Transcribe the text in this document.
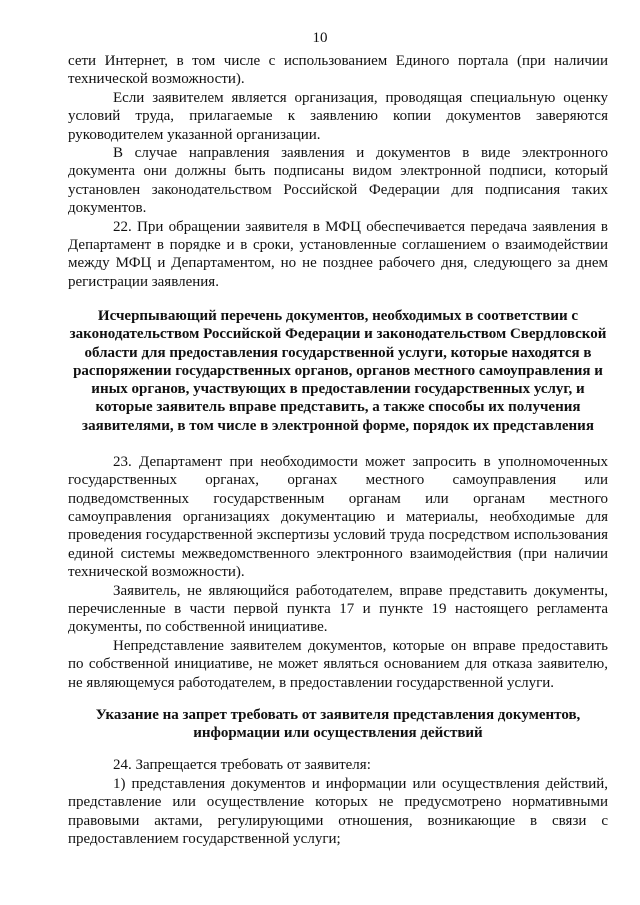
10

сети Интернет, в том числе с использованием Единого портала (при наличии технической возможности).

Если заявителем является организация, проводящая специальную оценку условий труда, прилагаемые к заявлению копии документов заверяются руководителем указанной организации.

В случае направления заявления и документов в виде электронного документа они должны быть подписаны видом электронной подписи, который установлен законодательством Российской Федерации для подписания таких документов.

22. При обращении заявителя в МФЦ обеспечивается передача заявления в Департамент в порядке и в сроки, установленные соглашением о взаимодействии между МФЦ и Департаментом, но не позднее рабочего дня, следующего за днем регистрации заявления.

Исчерпывающий перечень документов, необходимых в соответствии с законодательством Российской Федерации и законодательством Свердловской области для предоставления государственной услуги, которые находятся в распоряжении государственных органов, органов местного самоуправления и иных органов, участвующих в предоставлении государственных услуг, и которые заявитель вправе представить, а также способы их получения заявителями, в том числе в электронной форме, порядок их представления

23. Департамент при необходимости может запросить в уполномоченных государственных органах, органах местного самоуправления или подведомственных государственным органам или органам местного самоуправления организациях документацию и материалы, необходимые для проведения государственной экспертизы условий труда посредством использования единой системы межведомственного электронного взаимодействия (при наличии технической возможности).

Заявитель, не являющийся работодателем, вправе представить документы, перечисленные в части первой пункта 17 и пункте 19 настоящего регламента документы, по собственной инициативе.

Непредставление заявителем документов, которые он вправе предоставить по собственной инициативе, не может являться основанием для отказа заявителю, не являющемуся работодателем, в предоставлении государственной услуги.

Указание на запрет требовать от заявителя представления документов, информации или осуществления действий

24. Запрещается требовать от заявителя:

1) представления документов и информации или осуществления действий, представление или осуществление которых не предусмотрено нормативными правовыми актами, регулирующими отношения, возникающие в связи с предоставлением государственной услуги;
